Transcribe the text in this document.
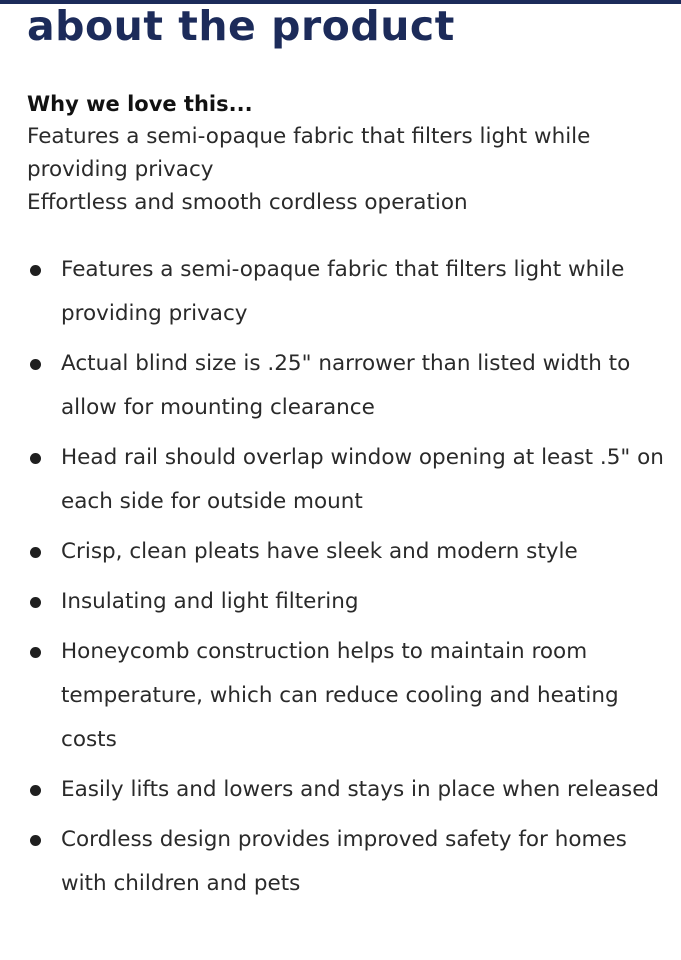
about the product

Why we love this...

Features a semi-opaque fabric that filters light while providing privacy

Effortless and smooth cordless operation

Features a semi-opaque fabric that filters light while providing privacy
Actual blind size is .25" narrower than listed width to allow for mounting clearance
Head rail should overlap window opening at least .5" on each side for outside mount
Crisp, clean pleats have sleek and modern style
Insulating and light filtering
Honeycomb construction helps to maintain room temperature, which can reduce cooling and heating costs
Easily lifts and lowers and stays in place when released
Cordless design provides improved safety for homes with children and pets
